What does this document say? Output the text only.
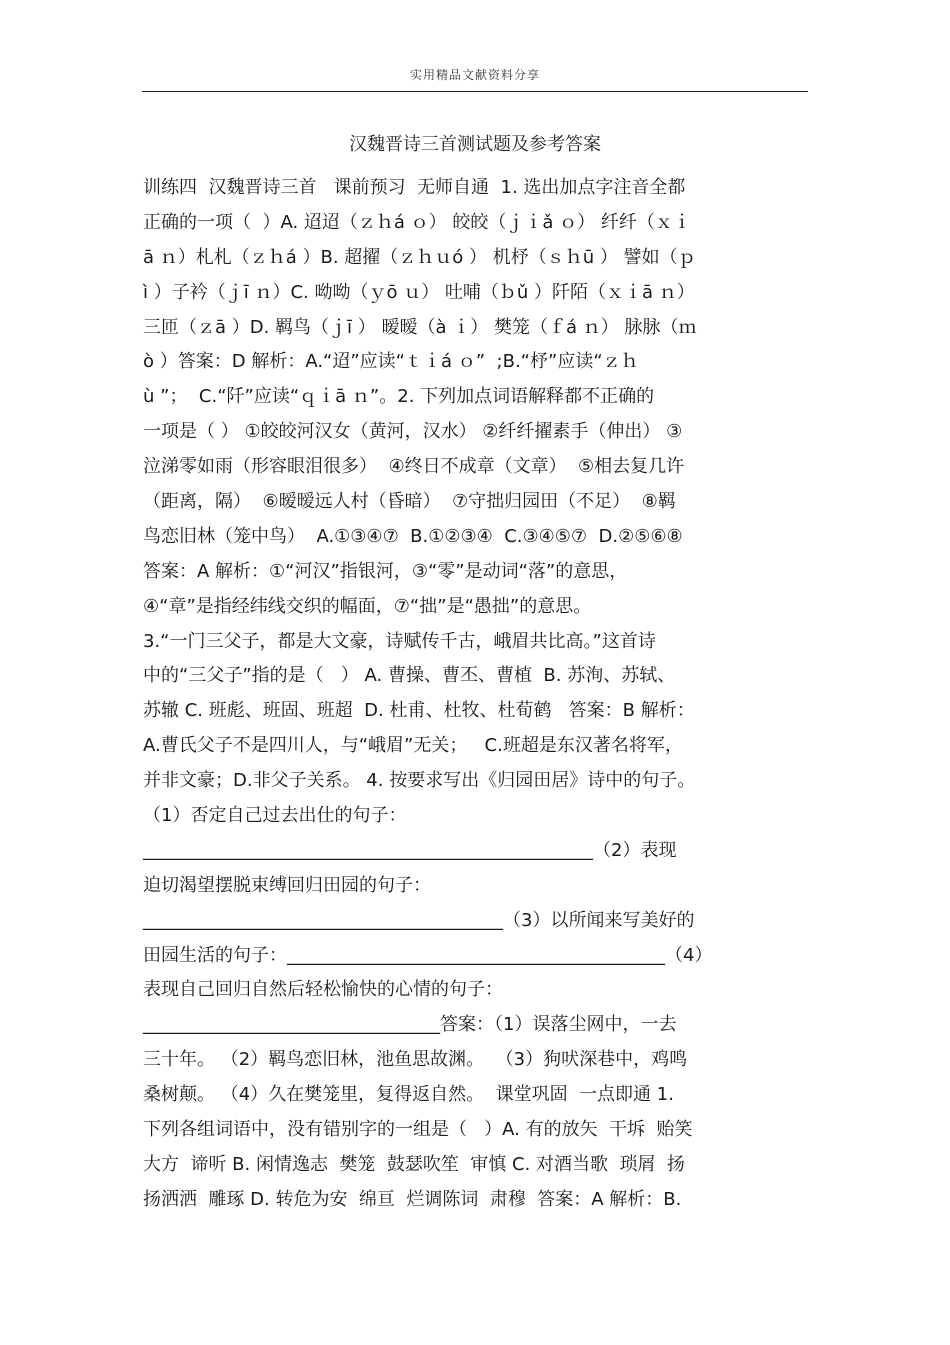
实用精品文献资料分享
汉魏晋诗三首测试题及参考答案
训练四  汉魏晋诗三首   课前预习  无师自通  1. 选出加点字注音全都
正确的一项（  ）A. 迢迢（ｚｈá ｏ） 皎皎（ｊｉǎ ｏ） 纤纤（ｘｉ
ā ｎ）札札（ｚｈá ）B. 超擢（ｚｈｕó ） 机杼（ｓｈū ） 譬如（ｐ
ì ）子衿（ｊī ｎ）C. 呦呦（ｙō ｕ） 吐哺（ｂǔ ）阡陌（ｘｉā ｎ）
三匝（ｚā ）D. 羁鸟（ｊī ） 暧暧（à ｉ） 樊笼（ｆá ｎ） 脉脉（ｍ
ò ）答案：D 解析：A.“迢”应读“ｔｉá ｏ”  ;B.“杼”应读“ｚｈ
ù ”；  C.“阡”应读“ｑｉā ｎ”。2. 下列加点词语解释都不正确的
一项是（ ） ①皎皎河汉女（黄河，汉水） ②纤纤擢素手（伸出） ③
泣涕零如雨（形容眼泪很多）  ④终日不成章（文章）  ⑤相去复几许
（距离，隔）  ⑥暧暧远人村（昏暗）  ⑦守拙归园田（不足）  ⑧羁
鸟恋旧林（笼中鸟）  A.①③④⑦  B.①②③④  C.③④⑤⑦  D.②⑤⑥⑧
答案：A 解析：①“河汉”指银河，③“零”是动词“落”的意思，
④“章”是指经纬线交织的幅面，⑦“拙”是“愚拙”的意思。
3.“一门三父子，都是大文豪，诗赋传千古，峨眉共比高。”这首诗
中的“三父子”指的是（   ） A. 曹操、曹丕、曹植  B. 苏洵、苏轼、
苏辙 C. 班彪、班固、班超  D. 杜甫、杜牧、杜荀鹤   答案：B 解析：
A.曹氏父子不是四川人，与“峨眉”无关；   C.班超是东汉著名将军，
并非文豪；D.非父子关系。 4. 按要求写出《归园田居》诗中的句子。
（1）否定自己过去出仕的句子：
__________________________________________________（2）表现
迫切渴望摆脱束缚回归田园的句子：
________________________________________（3）以所闻来写美好的
田园生活的句子：__________________________________________（4）
表现自己回归自然后轻松愉快的心情的句子：
_________________________________答案：（1）误落尘网中，一去
三十年。 （2）羁鸟恋旧林，池鱼思故渊。  （3）狗吠深巷中，鸡鸣
桑树颠。 （4）久在樊笼里，复得返自然。  课堂巩固  一点即通 1.
下列各组词语中，没有错别字的一组是（   ）A. 有的放矢  干坼  贻笑
大方  谛听 B. 闲情逸志  樊笼  鼓瑟吹笙  审慎 C. 对酒当歌  琐屑  扬
扬洒洒  雕琢 D. 转危为安  绵亘  烂调陈词  肃穆  答案：A 解析：B.
